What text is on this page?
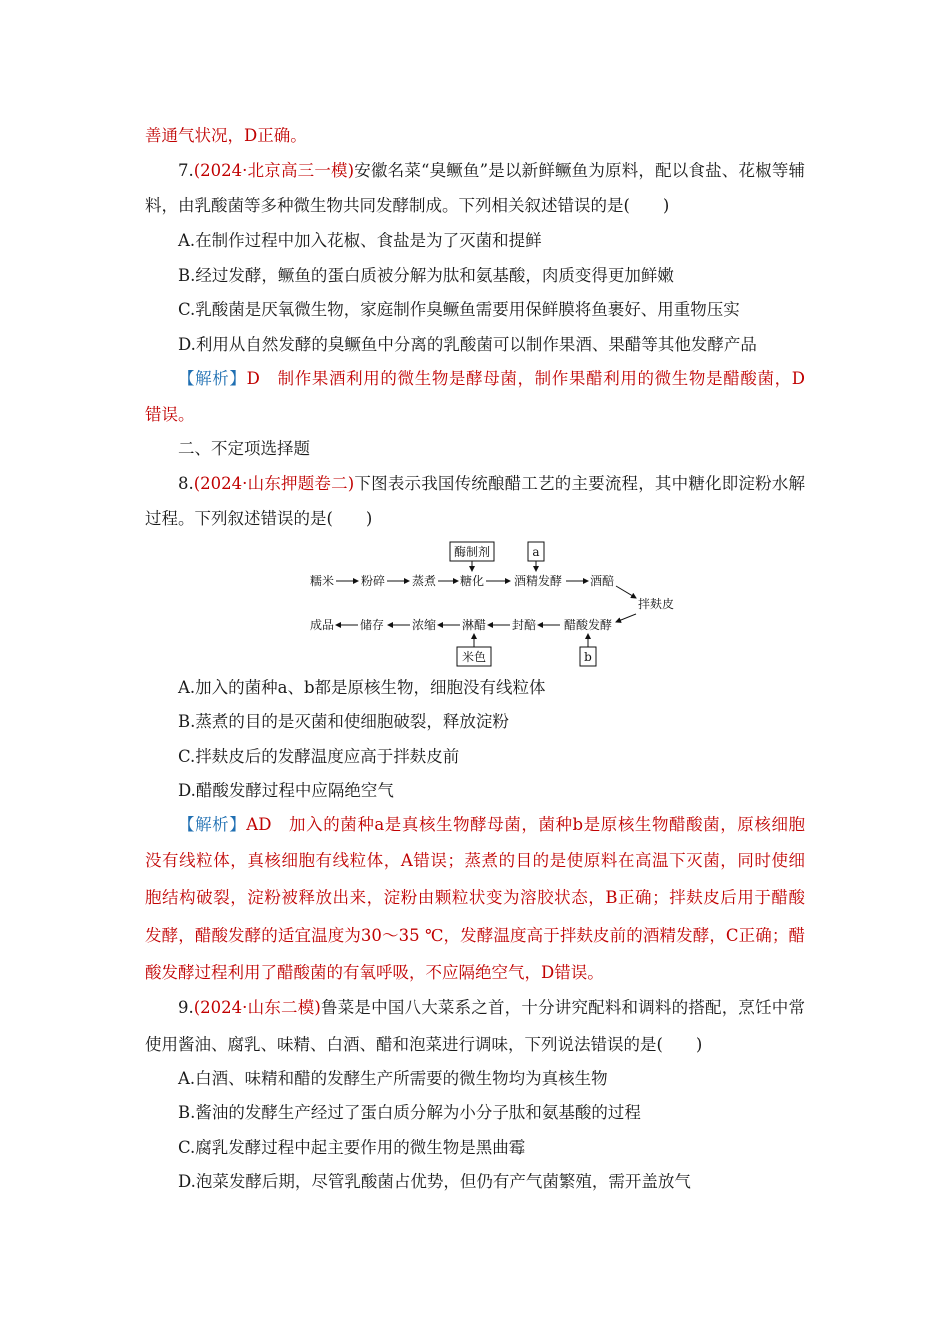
善通气状况，D正确。
7.(2024·北京高三一模)安徽名菜“臭鳜鱼”是以新鲜鳜鱼为原料，配以食盐、花椒等辅
料，由乳酸菌等多种微生物共同发酵制成。下列相关叙述错误的是(　　)
A.在制作过程中加入花椒、食盐是为了灭菌和提鲜
B.经过发酵，鳜鱼的蛋白质被分解为肽和氨基酸，肉质变得更加鲜嫩
C.乳酸菌是厌氧微生物，家庭制作臭鳜鱼需要用保鲜膜将鱼裹好、用重物压实
D.利用从自然发酵的臭鳜鱼中分离的乳酸菌可以制作果酒、果醋等其他发酵产品
【解析】D　制作果酒利用的微生物是酵母菌，制作果醋利用的微生物是醋酸菌，D
错误。
二、不定项选择题
8.(2024·山东押题卷二)下图表示我国传统酿醋工艺的主要流程，其中糖化即淀粉水解
过程。下列叙述错误的是(　　)
酶制剂	a
糯米 粉碎 蒸煮 糖化 酒精发酵 酒醅
拌麸皮
醋酸发酵
封醅
淋醋
浓缩
储存
成品
米色	b
A.加入的菌种a、b都是原核生物，细胞没有线粒体
B.蒸煮的目的是灭菌和使细胞破裂，释放淀粉
C.拌麸皮后的发酵温度应高于拌麸皮前
D.醋酸发酵过程中应隔绝空气
【解析】AD　加入的菌种a是真核生物酵母菌，菌种b是原核生物醋酸菌，原核细胞
没有线粒体，真核细胞有线粒体，A错误；蒸煮的目的是使原料在高温下灭菌，同时使细
胞结构破裂，淀粉被释放出来，淀粉由颗粒状变为溶胶状态，B正确；拌麸皮后用于醋酸
发酵，醋酸发酵的适宜温度为30～35 ℃，发酵温度高于拌麸皮前的酒精发酵，C正确；醋
酸发酵过程利用了醋酸菌的有氧呼吸，不应隔绝空气，D错误。
9.(2024·山东二模)鲁菜是中国八大菜系之首，十分讲究配料和调料的搭配，烹饪中常
使用酱油、腐乳、味精、白酒、醋和泡菜进行调味，下列说法错误的是(　　)
A.白酒、味精和醋的发酵生产所需要的微生物均为真核生物
B.酱油的发酵生产经过了蛋白质分解为小分子肽和氨基酸的过程
C.腐乳发酵过程中起主要作用的微生物是黑曲霉
D.泡菜发酵后期，尽管乳酸菌占优势，但仍有产气菌繁殖，需开盖放气
